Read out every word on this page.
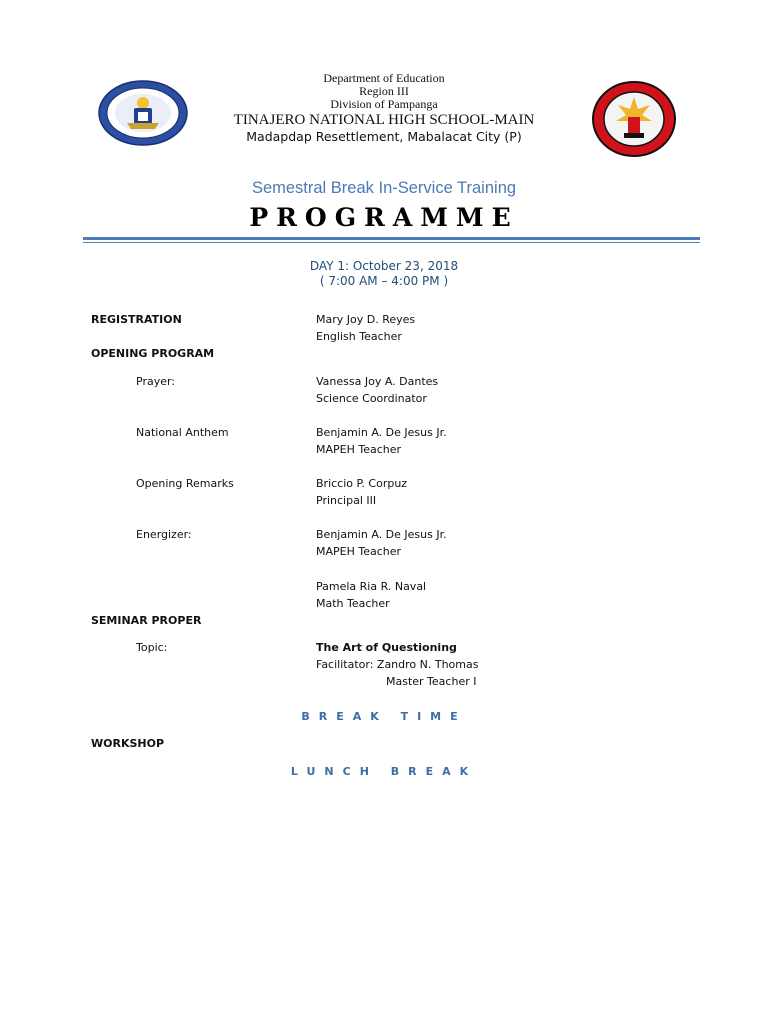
Department of Education
Region III
Division of Pampanga
TINAJERO NATIONAL HIGH SCHOOL-MAIN
Madapdap Resettlement, Mabalacat City (P)
Semestral Break In-Service Training
PROGRAMME
DAY 1: October 23, 2018
( 7:00 AM – 4:00 PM )
REGISTRATION	Mary Joy D. Reyes
English Teacher
OPENING PROGRAM
Prayer:	Vanessa Joy A. Dantes
Science Coordinator
National Anthem	Benjamin A. De Jesus Jr.
MAPEH Teacher
Opening Remarks	Briccio P. Corpuz
Principal III
Energizer:	Benjamin A. De Jesus Jr.
MAPEH Teacher
Pamela Ria R. Naval
Math Teacher
SEMINAR PROPER
Topic:	The Art of Questioning
Facilitator: Zandro N. Thomas
Master Teacher I
BREAK TIME
WORKSHOP
LUNCH BREAK
